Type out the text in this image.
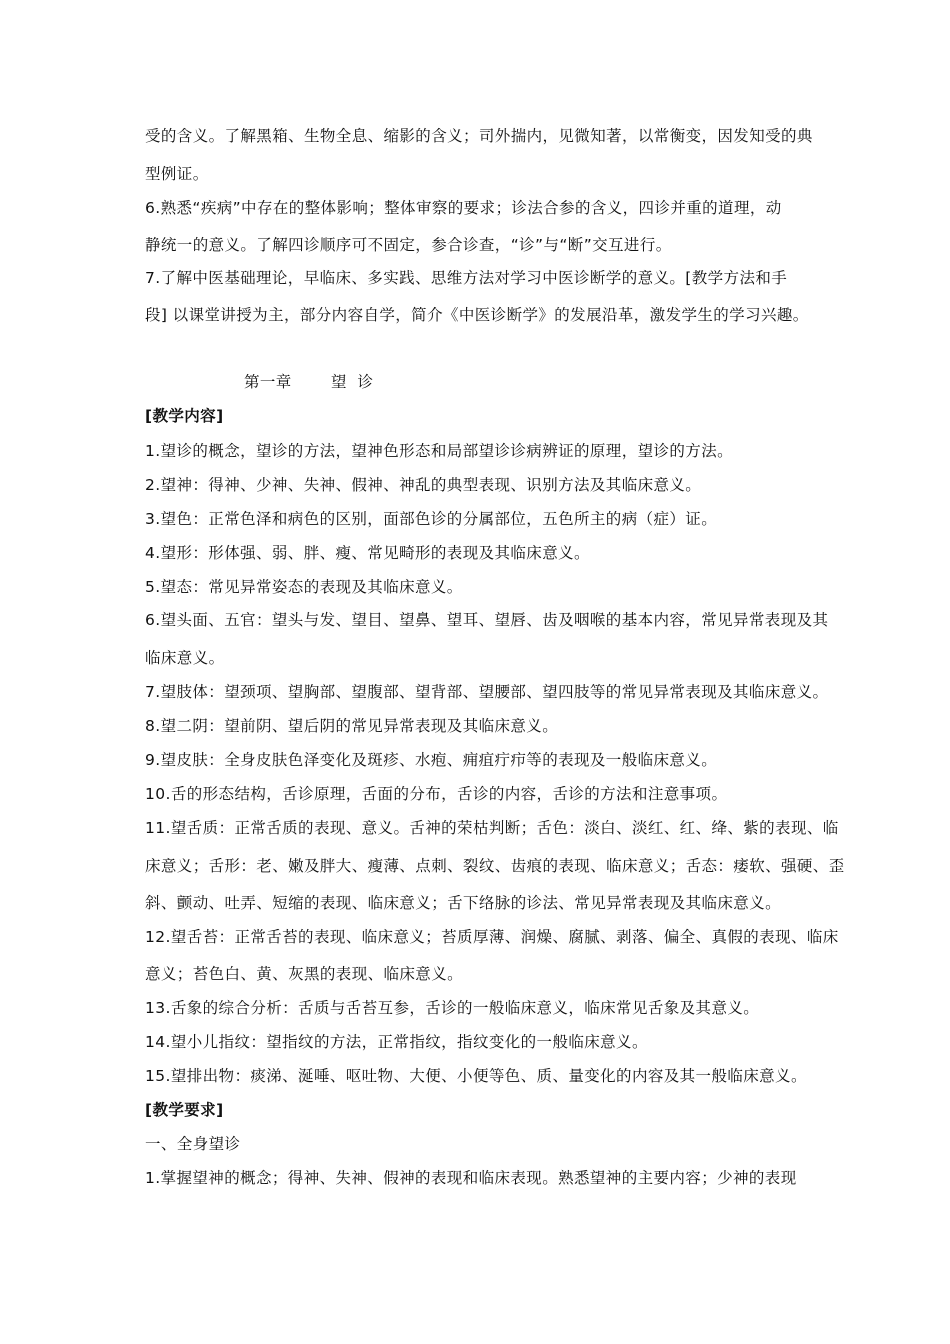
受的含义。了解黑箱、生物全息、缩影的含义；司外揣内，见微知著，以常衡变，因发知受的典
型例证。
6.熟悉“疾病”中存在的整体影响；整体审察的要求；诊法合参的含义，四诊并重的道理，动
静统一的意义。了解四诊顺序可不固定，参合诊查，“诊”与“断”交互进行。
7.了解中医基础理论，早临床、多实践、思维方法对学习中医诊断学的意义。[教学方法和手
段] 以课堂讲授为主，部分内容自学，简介《中医诊断学》的发展沿革，激发学生的学习兴趣。
第一章	望  诊
[教学内容]
1.望诊的概念，望诊的方法，望神色形态和局部望诊诊病辨证的原理，望诊的方法。
2.望神：得神、少神、失神、假神、神乱的典型表现、识别方法及其临床意义。
3.望色：正常色泽和病色的区别，面部色诊的分属部位，五色所主的病（症）证。
4.望形：形体强、弱、胖、瘦、常见畸形的表现及其临床意义。
5.望态：常见异常姿态的表现及其临床意义。
6.望头面、五官：望头与发、望目、望鼻、望耳、望唇、齿及咽喉的基本内容，常见异常表现及其
临床意义。
7.望肢体：望颈项、望胸部、望腹部、望背部、望腰部、望四肢等的常见异常表现及其临床意义。
8.望二阴：望前阴、望后阴的常见异常表现及其临床意义。
9.望皮肤：全身皮肤色泽变化及斑疹、水疱、痈疽疔疖等的表现及一般临床意义。
10.舌的形态结构，舌诊原理，舌面的分布，舌诊的内容，舌诊的方法和注意事项。
11.望舌质：正常舌质的表现、意义。舌神的荣枯判断；舌色：淡白、淡红、红、绛、紫的表现、临
床意义；舌形：老、嫩及胖大、瘦薄、点刺、裂纹、齿痕的表现、临床意义；舌态：痿软、强硬、歪
斜、颤动、吐弄、短缩的表现、临床意义；舌下络脉的诊法、常见异常表现及其临床意义。
12.望舌苔：正常舌苔的表现、临床意义；苔质厚薄、润燥、腐腻、剥落、偏全、真假的表现、临床
意义；苔色白、黄、灰黑的表现、临床意义。
13.舌象的综合分析：舌质与舌苔互参，舌诊的一般临床意义，临床常见舌象及其意义。
14.望小儿指纹：望指纹的方法，正常指纹，指纹变化的一般临床意义。
15.望排出物：痰涕、涎唾、呕吐物、大便、小便等色、质、量变化的内容及其一般临床意义。
[教学要求]
一、全身望诊
1.掌握望神的概念；得神、失神、假神的表现和临床表现。熟悉望神的主要内容；少神的表现
